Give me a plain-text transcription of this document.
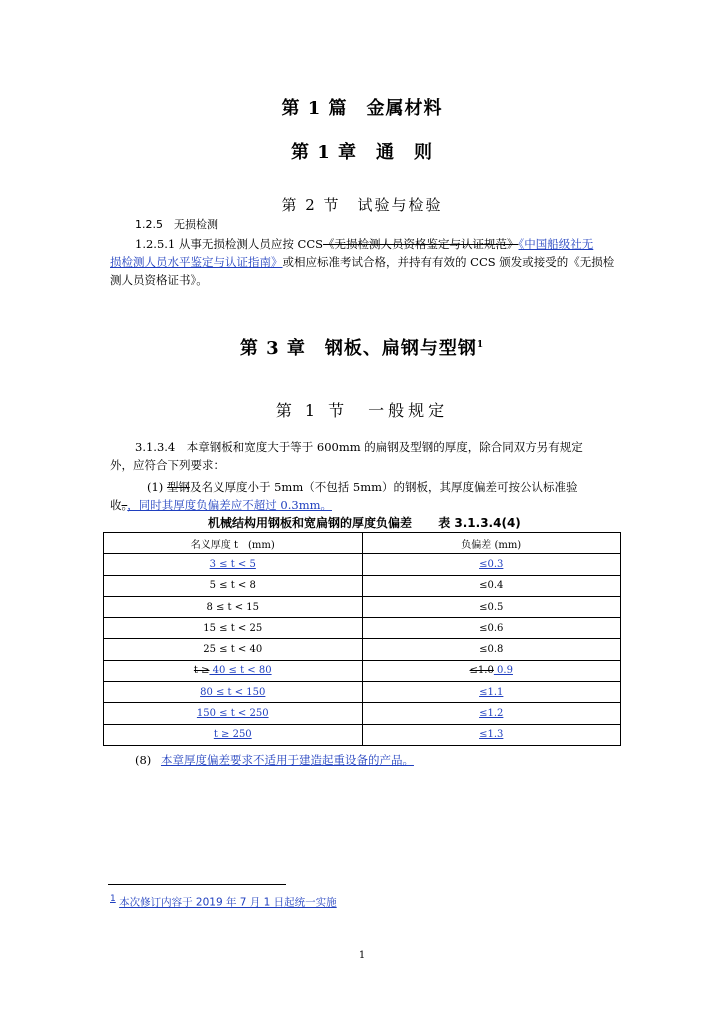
第 1 篇　金属材料
第 1 章　通　则
第 2 节　试验与检验
1.2.5　无损检测
1.2.5.1 从事无损检测人员应按 CCS《无损检测人员资格鉴定与认证规范》《中国船级社无
损检测人员水平鉴定与认证指南》或相应标准考试合格，并持有有效的 CCS 颁发或接受的《无损检
测人员资格证书》。
第 3 章　钢板、扁钢与型钢$^1$
第 1 节　一般规定
3.1.3.4　本章钢板和宽度大于等于 600mm 的扁钢及型钢的厚度，除合同双方另有规定
外，应符合下列要求：
(1) 型钢及名义厚度小于 5mm（不包括 5mm）的钢板，其厚度偏差可按公认标准验
收。，同时其厚度负偏差应不超过 0.3mm。
机械结构用钢板和宽扁钢的厚度负偏差 表 3.1.3.4(4)
名义厚度 t　(mm)	负偏差 (mm)
3 ≤ t < 5	≤0.3
5 ≤ t < 8	≤0.4
8 ≤ t < 15	≤0.5
15 ≤ t < 25	≤0.6
25 ≤ t < 40	≤0.8
t ≥ 40 ≤ t < 80	≤1.0 0.9
80 ≤ t < 150	≤1.1
150 ≤ t < 250	≤1.2
t ≥ 250	≤1.3
(8) 本章厚度偏差要求不适用于建造起重设备的产品。
$^1$ 本次修订内容于 2019 年 7 月 1 日起统一实施
1
